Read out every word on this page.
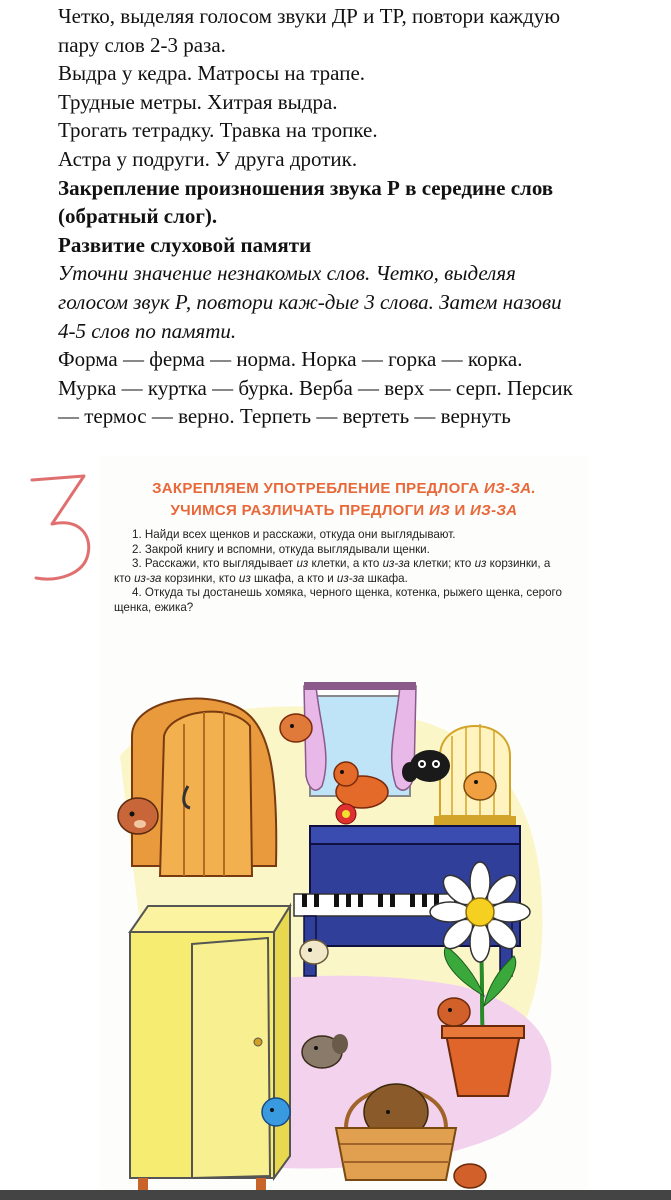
Четко, выделяя голосом звуки ДР и ТР, повтори каждую

пару слов 2-3 раза.

Выдра у кедра. Матросы на трапе.

Трудные метры. Хитрая выдра.

Трогать тетрадку. Травка на тропке.

Астра у подруги. У друга дротик.

Закрепление произношения звука Р в середине слов

(обратный слог).

Развитие слуховой памяти

Уточни значение незнакомых слов. Четко, выделяя

голосом звук Р, повтори каж-дые 3 слова. Затем назови

4-5 слов по памяти.

Форма — ферма — норма. Норка — горка — корка.

Мурка — куртка — бурка. Верба — верх — серп. Персик

— термос — верно. Терпеть — вертеть — вернуть

ЗАКРЕПЛЯЕМ УПОТРЕБЛЕНИЕ ПРЕДЛОГА ИЗ-ЗА.
УЧИМСЯ РАЗЛИЧАТЬ ПРЕДЛОГИ ИЗ И ИЗ-ЗА

1. Найди всех щенков и расскажи, откуда они выглядывают.

2. Закрой книгу и вспомни, откуда выглядывали щенки.

3. Расскажи, кто выглядывает из клетки, а кто из-за клетки; кто из корзинки, а кто из-за корзинки, кто из шкафа, а кто и из-за шкафа.

4. Откуда ты достанешь хомяка, черного щенка, котенка, рыжего щенка, серого щенка, ежика?
